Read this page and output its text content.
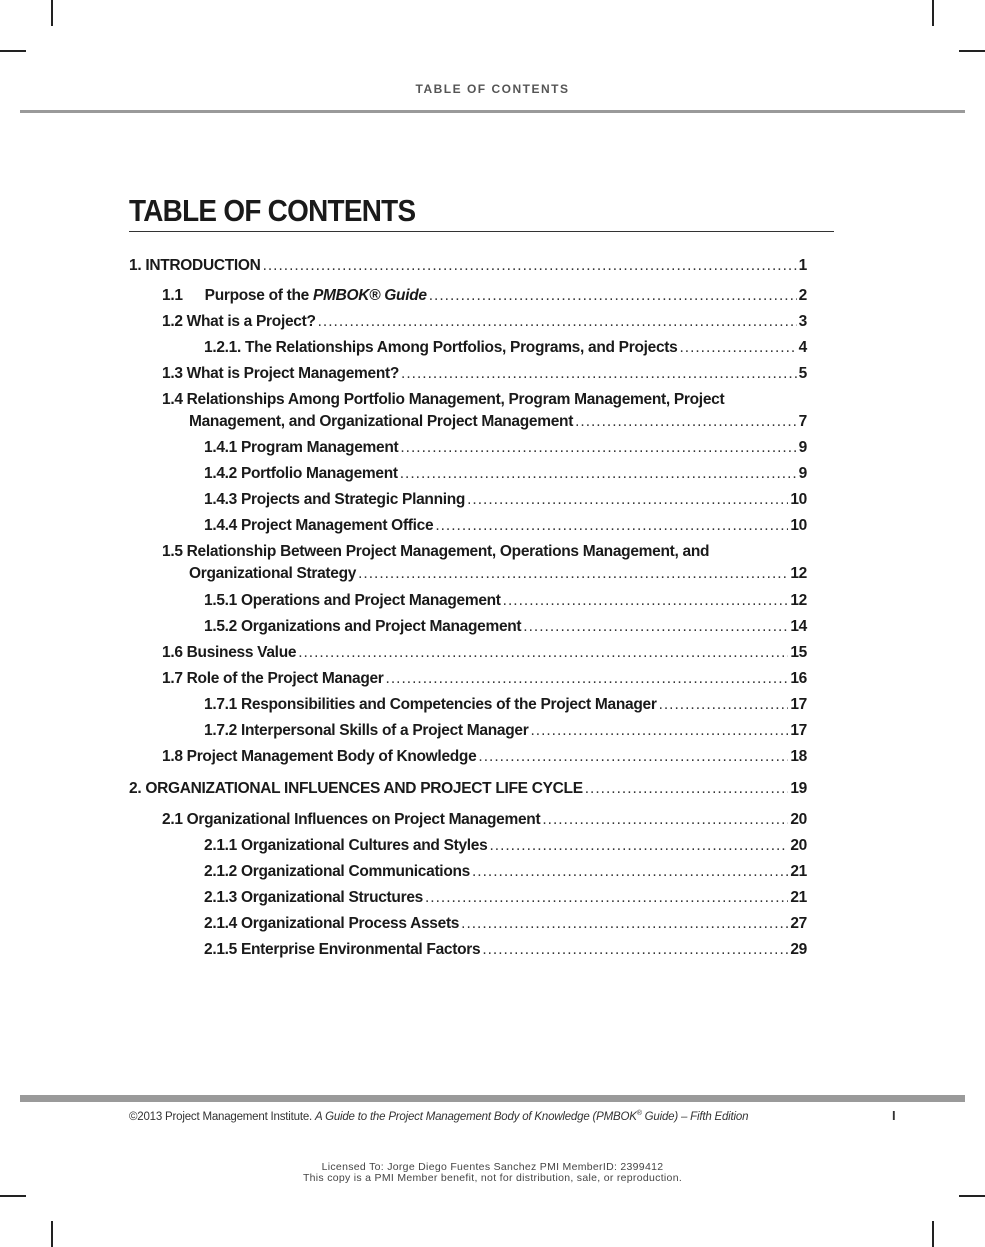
TABLE OF CONTENTS
TABLE OF CONTENTS
1. INTRODUCTION .....	1
1.1 Purpose of the PMBOK® Guide .....	2
1.2 What is a Project? .....	3
1.2.1. The Relationships Among Portfolios, Programs, and Projects .....	4
1.3 What is Project Management? .....	5
1.4 Relationships Among Portfolio Management, Program Management, Project
Management, and Organizational Project Management .....	7
1.4.1 Program Management .....	9
1.4.2 Portfolio Management .....	9
1.4.3 Projects and Strategic Planning .....	10
1.4.4 Project Management Office .....	10
1.5 Relationship Between Project Management, Operations Management, and
Organizational Strategy .....	12
1.5.1 Operations and Project Management .....	12
1.5.2 Organizations and Project Management .....	14
1.6 Business Value .....	15
1.7 Role of the Project Manager .....	16
1.7.1 Responsibilities and Competencies of the Project Manager .....	17
1.7.2 Interpersonal Skills of a Project Manager .....	17
1.8 Project Management Body of Knowledge .....	18
2. ORGANIZATIONAL INFLUENCES AND PROJECT LIFE CYCLE .....	19
2.1 Organizational Influences on Project Management .....	20
2.1.1 Organizational Cultures and Styles .....	20
2.1.2 Organizational Communications .....	21
2.1.3 Organizational Structures .....	21
2.1.4 Organizational Process Assets .....	27
2.1.5 Enterprise Environmental Factors .....	29
©2013 Project Management Institute. A Guide to the Project Management Body of Knowledge (PMBOK® Guide) – Fifth Edition	I
Licensed To: Jorge Diego Fuentes Sanchez PMI MemberID: 2399412
This copy is a PMI Member benefit, not for distribution, sale, or reproduction.
